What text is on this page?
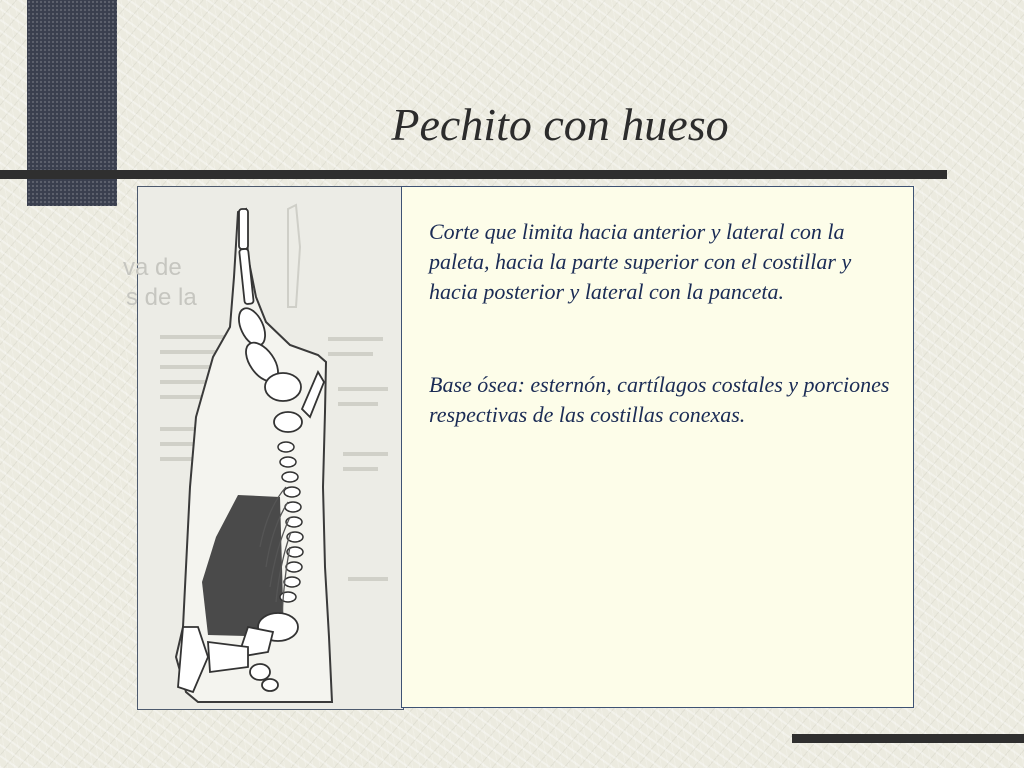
Pechito con hueso
va de
s de la

Corte que limita hacia anterior y lateral con la paleta, hacia la parte superior con el costillar y hacia posterior y lateral con la panceta.

Base ósea: esternón, cartílagos costales y porciones respectivas de las costillas conexas.
